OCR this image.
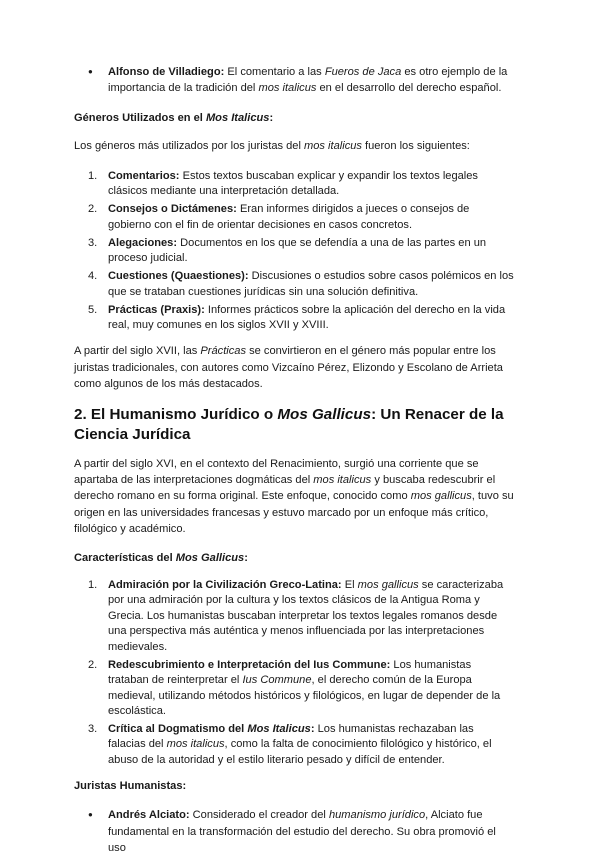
● Alfonso de Villadiego: El comentario a las Fueros de Jaca es otro ejemplo de la importancia de la tradición del mos italicus en el desarrollo del derecho español.

Géneros Utilizados en el Mos Italicus:

Los géneros más utilizados por los juristas del mos italicus fueron los siguientes:

1. Comentarios: Estos textos buscaban explicar y expandir los textos legales clásicos mediante una interpretación detallada.
2. Consejos o Dictámenes: Eran informes dirigidos a jueces o consejos de gobierno con el fin de orientar decisiones en casos concretos.
3. Alegaciones: Documentos en los que se defendía a una de las partes en un proceso judicial.
4. Cuestiones (Quaestiones): Discusiones o estudios sobre casos polémicos en los que se trataban cuestiones jurídicas sin una solución definitiva.
5. Prácticas (Praxis): Informes prácticos sobre la aplicación del derecho en la vida real, muy comunes en los siglos XVII y XVIII.

A partir del siglo XVII, las Prácticas se convirtieron en el género más popular entre los juristas tradicionales, con autores como Vizcaíno Pérez, Elizondo y Escolano de Arrieta como algunos de los más destacados.

2. El Humanismo Jurídico o Mos Gallicus: Un Renacer de la Ciencia Jurídica

A partir del siglo XVI, en el contexto del Renacimiento, surgió una corriente que se apartaba de las interpretaciones dogmáticas del mos italicus y buscaba redescubrir el derecho romano en su forma original. Este enfoque, conocido como mos gallicus, tuvo su origen en las universidades francesas y estuvo marcado por un enfoque más crítico, filológico y académico.

Características del Mos Gallicus:

1. Admiración por la Civilización Greco-Latina: El mos gallicus se caracterizaba por una admiración por la cultura y los textos clásicos de la Antigua Roma y Grecia. Los humanistas buscaban interpretar los textos legales romanos desde una perspectiva más auténtica y menos influenciada por las interpretaciones medievales.
2. Redescubrimiento e Interpretación del Ius Commune: Los humanistas trataban de reinterpretar el Ius Commune, el derecho común de la Europa medieval, utilizando métodos históricos y filológicos, en lugar de depender de la escolástica.
3. Crítica al Dogmatismo del Mos Italicus: Los humanistas rechazaban las falacias del mos italicus, como la falta de conocimiento filológico y histórico, el abuso de la autoridad y el estilo literario pesado y difícil de entender.

Juristas Humanistas:

● Andrés Alciato: Considerado el creador del humanismo jurídico, Alciato fue fundamental en la transformación del estudio del derecho. Su obra promovió el uso
